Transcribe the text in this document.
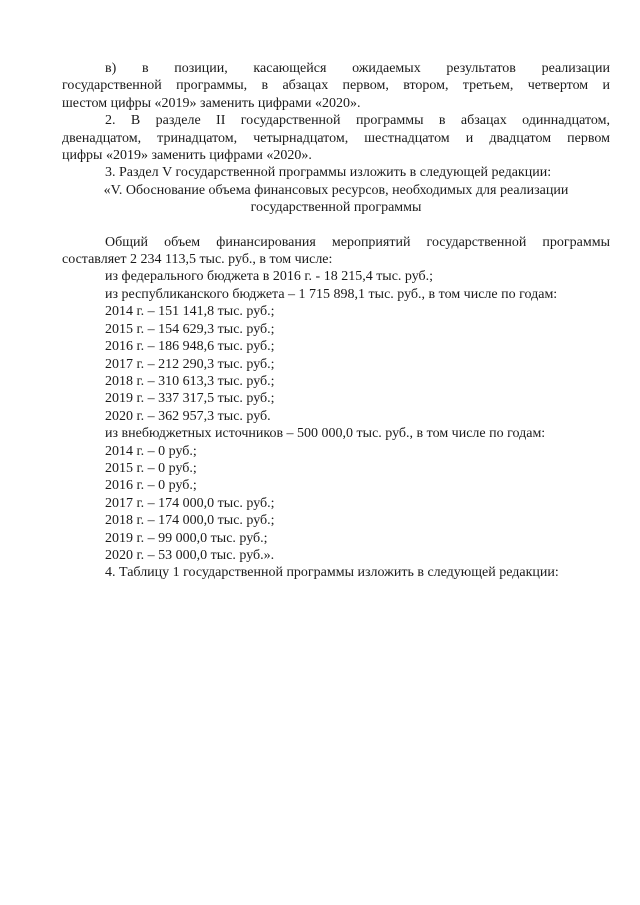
в) в позиции, касающейся ожидаемых результатов реализации

государственной программы, в абзацах первом, втором, третьем, четвертом и

шестом цифры «2019» заменить цифрами «2020».

2. В разделе II государственной программы в абзацах одиннадцатом,

двенадцатом, тринадцатом, четырнадцатом, шестнадцатом и двадцатом первом

цифры «2019» заменить цифрами «2020».

3. Раздел V государственной программы изложить в следующей редакции:

«V. Обоснование объема финансовых ресурсов, необходимых для реализации

государственной программы

Общий объем финансирования мероприятий государственной программы

составляет 2 234 113,5 тыс. руб., в том числе:

из федерального бюджета в 2016 г. - 18 215,4 тыс. руб.;

из республиканского бюджета – 1 715 898,1 тыс. руб., в том числе по годам:

2014 г. – 151 141,8 тыс. руб.;

2015 г. – 154 629,3 тыс. руб.;

2016 г. – 186 948,6 тыс. руб.;

2017 г. – 212 290,3 тыс. руб.;

2018 г. – 310 613,3 тыс. руб.;

2019 г. – 337 317,5 тыс. руб.;

2020 г. – 362 957,3 тыс. руб.

из внебюджетных источников – 500 000,0 тыс. руб., в том числе по годам:

2014 г. – 0 руб.;

2015 г. – 0 руб.;

2016 г. – 0 руб.;

2017 г. – 174 000,0 тыс. руб.;

2018 г. – 174 000,0 тыс. руб.;

2019 г. – 99 000,0 тыс. руб.;

2020 г. – 53 000,0 тыс. руб.».

4. Таблицу 1 государственной программы изложить в следующей редакции:
